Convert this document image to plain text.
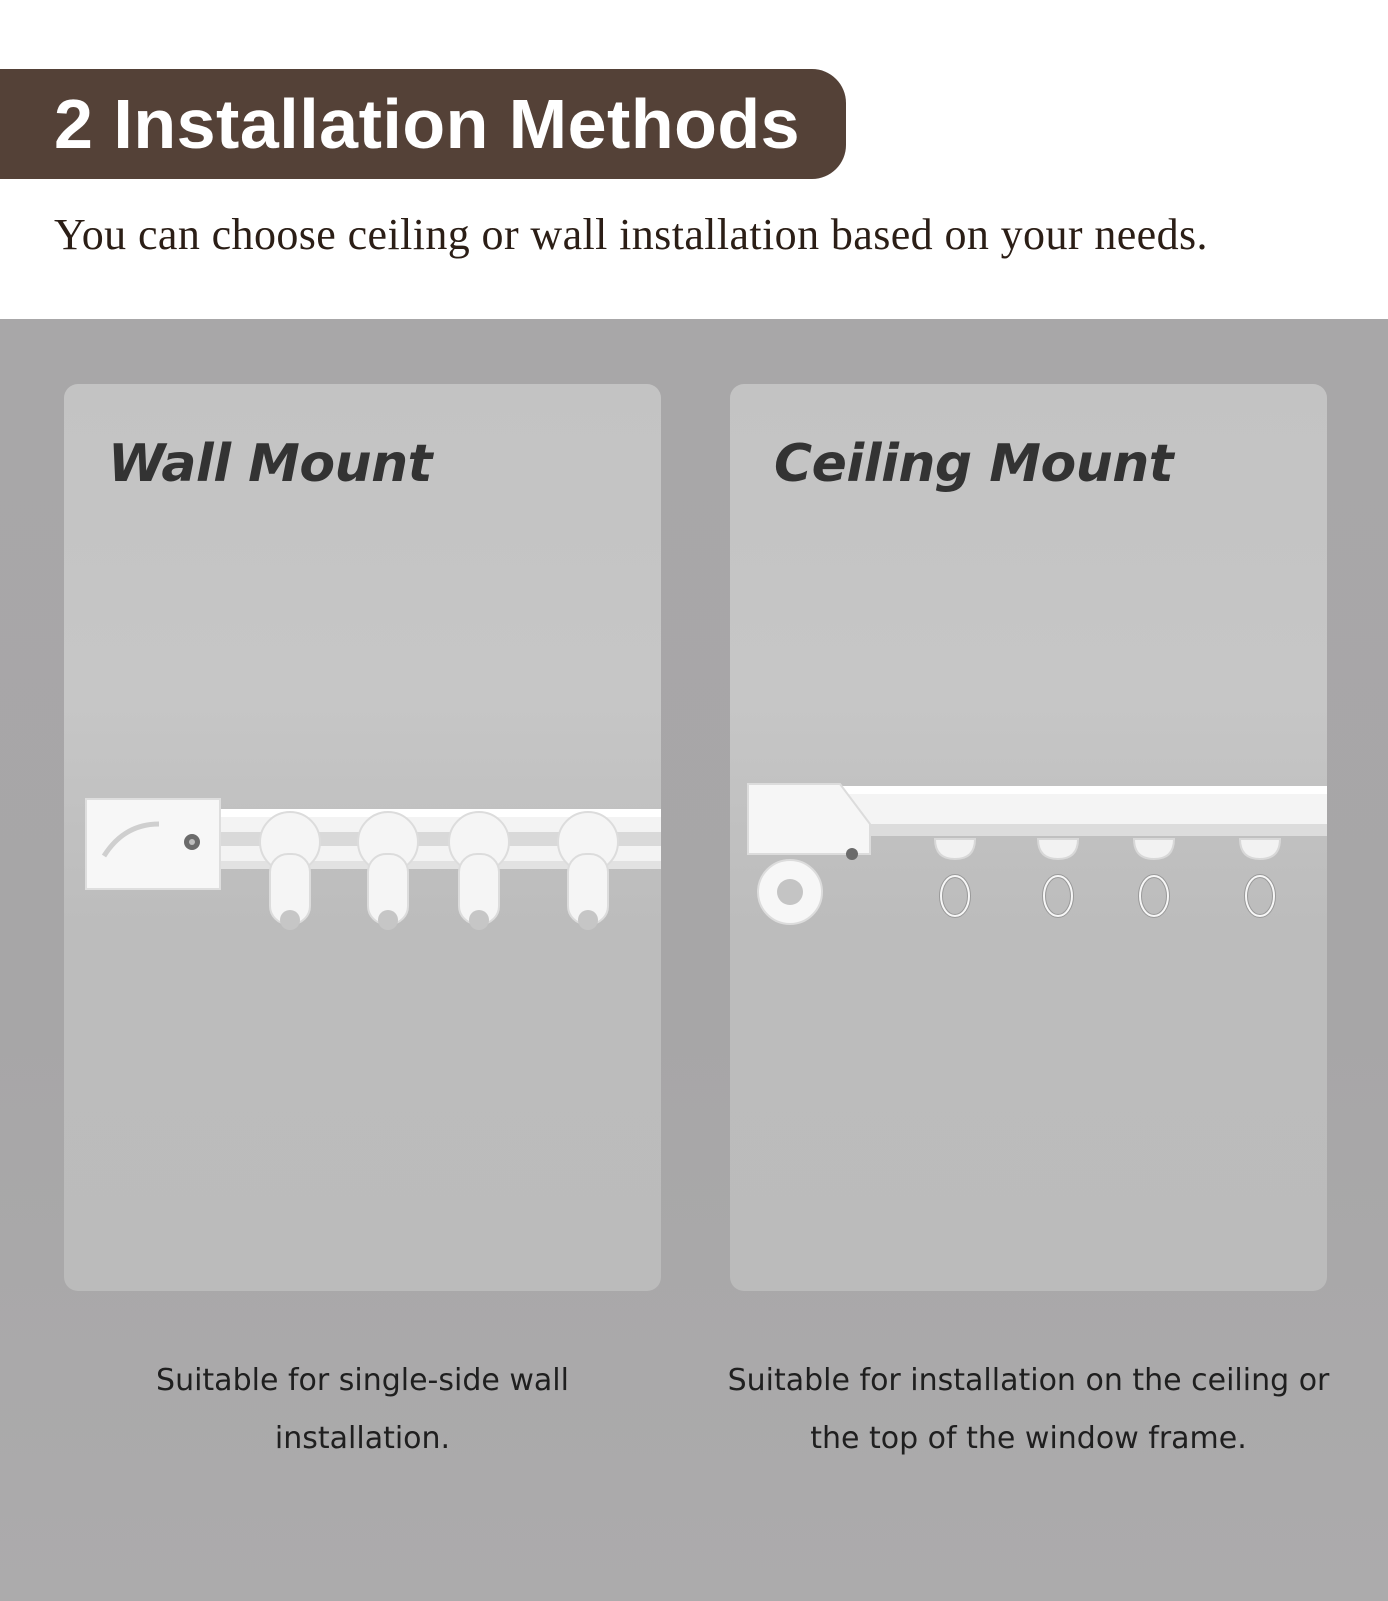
2 Installation Methods
You can choose ceiling or wall installation based on your needs.
Wall Mount	Ceiling Mount
Suitable for single-side wall
installation.
Suitable for installation on the ceiling or
the top of the window frame.
